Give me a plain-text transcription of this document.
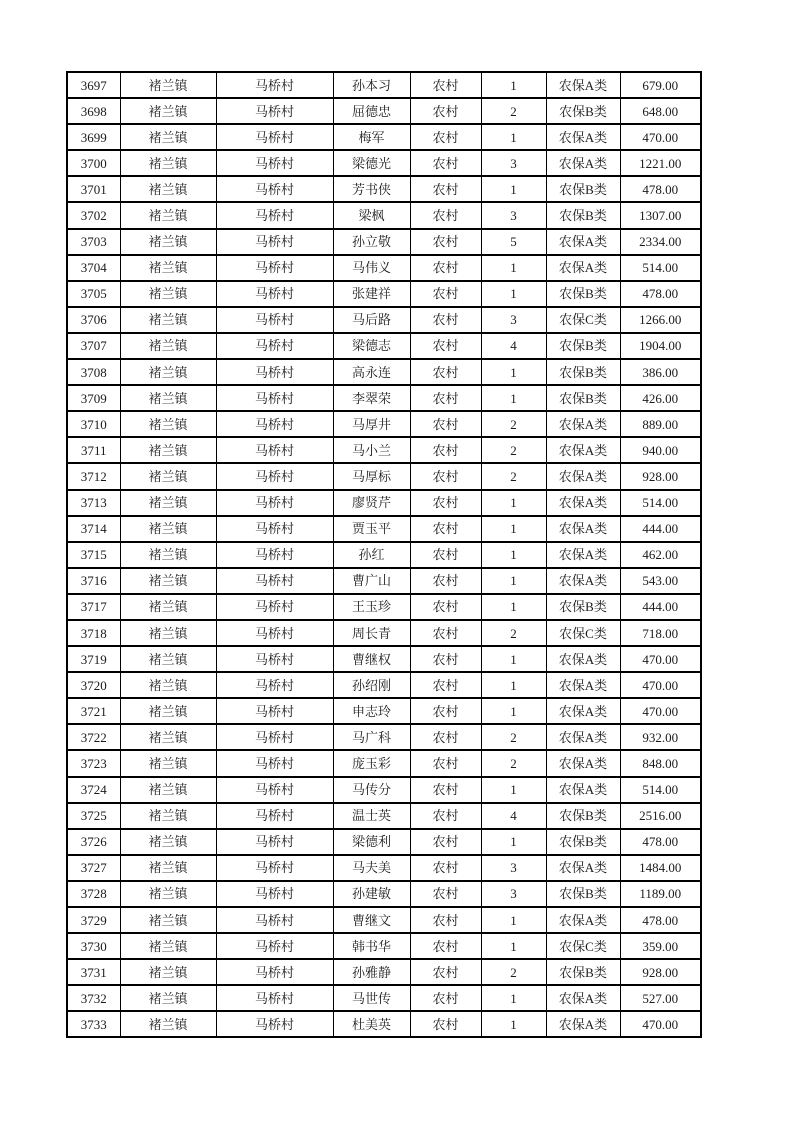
3697	褚兰镇	马桥村	孙本习	农村	1	农保A类	679.00
3698	褚兰镇	马桥村	屈德忠	农村	2	农保B类	648.00
3699	褚兰镇	马桥村	梅军	农村	1	农保A类	470.00
3700	褚兰镇	马桥村	梁德光	农村	3	农保A类	1221.00
3701	褚兰镇	马桥村	芳书侠	农村	1	农保B类	478.00
3702	褚兰镇	马桥村	梁枫	农村	3	农保B类	1307.00
3703	褚兰镇	马桥村	孙立敬	农村	5	农保A类	2334.00
3704	褚兰镇	马桥村	马伟义	农村	1	农保A类	514.00
3705	褚兰镇	马桥村	张建祥	农村	1	农保B类	478.00
3706	褚兰镇	马桥村	马后路	农村	3	农保C类	1266.00
3707	褚兰镇	马桥村	梁德志	农村	4	农保B类	1904.00
3708	褚兰镇	马桥村	高永连	农村	1	农保B类	386.00
3709	褚兰镇	马桥村	李翠荣	农村	1	农保B类	426.00
3710	褚兰镇	马桥村	马厚井	农村	2	农保A类	889.00
3711	褚兰镇	马桥村	马小兰	农村	2	农保A类	940.00
3712	褚兰镇	马桥村	马厚标	农村	2	农保A类	928.00
3713	褚兰镇	马桥村	廖贤芹	农村	1	农保A类	514.00
3714	褚兰镇	马桥村	贾玉平	农村	1	农保A类	444.00
3715	褚兰镇	马桥村	孙红	农村	1	农保A类	462.00
3716	褚兰镇	马桥村	曹广山	农村	1	农保A类	543.00
3717	褚兰镇	马桥村	王玉珍	农村	1	农保B类	444.00
3718	褚兰镇	马桥村	周长青	农村	2	农保C类	718.00
3719	褚兰镇	马桥村	曹继权	农村	1	农保A类	470.00
3720	褚兰镇	马桥村	孙绍刚	农村	1	农保A类	470.00
3721	褚兰镇	马桥村	申志玲	农村	1	农保A类	470.00
3722	褚兰镇	马桥村	马广科	农村	2	农保A类	932.00
3723	褚兰镇	马桥村	庞玉彩	农村	2	农保A类	848.00
3724	褚兰镇	马桥村	马传分	农村	1	农保A类	514.00
3725	褚兰镇	马桥村	温士英	农村	4	农保B类	2516.00
3726	褚兰镇	马桥村	梁德利	农村	1	农保B类	478.00
3727	褚兰镇	马桥村	马夫美	农村	3	农保A类	1484.00
3728	褚兰镇	马桥村	孙建敏	农村	3	农保B类	1189.00
3729	褚兰镇	马桥村	曹继文	农村	1	农保A类	478.00
3730	褚兰镇	马桥村	韩书华	农村	1	农保C类	359.00
3731	褚兰镇	马桥村	孙雅静	农村	2	农保B类	928.00
3732	褚兰镇	马桥村	马世传	农村	1	农保A类	527.00
3733	褚兰镇	马桥村	杜美英	农村	1	农保A类	470.00
